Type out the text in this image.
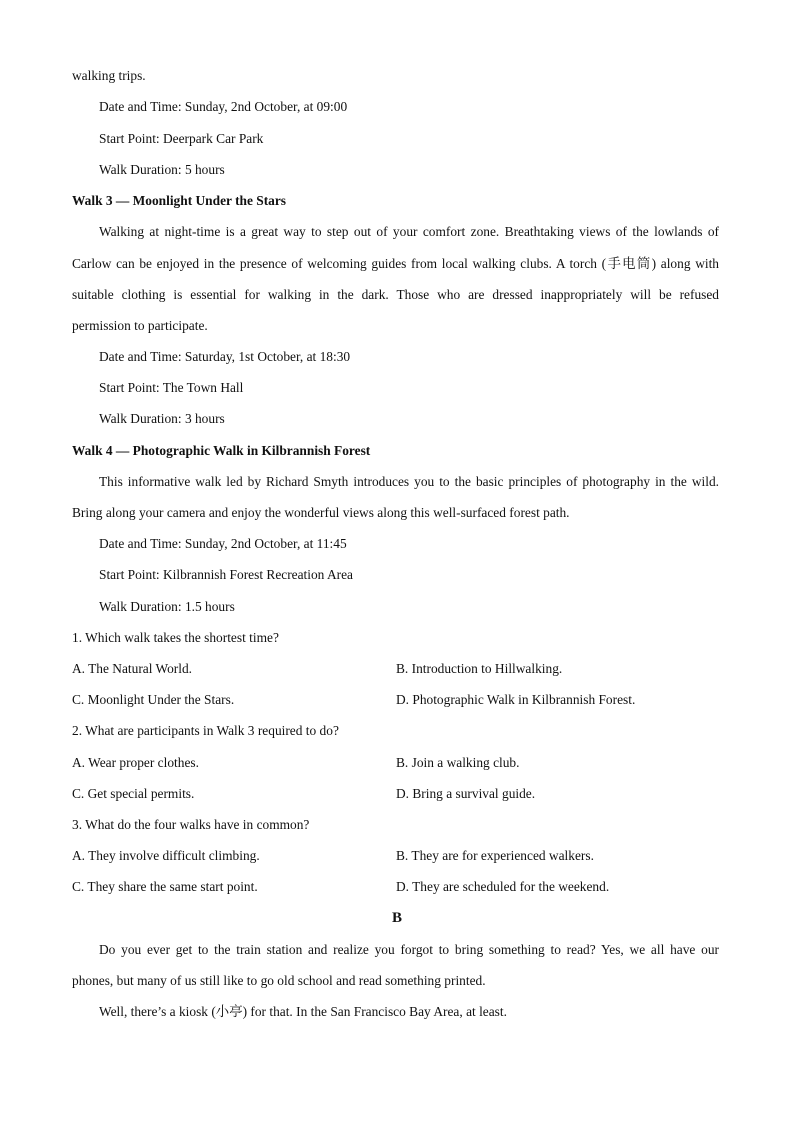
walking trips.
Date and Time: Sunday, 2nd October, at 09:00
Start Point: Deerpark Car Park
Walk Duration: 5 hours
Walk 3 — Moonlight Under the Stars
Walking at night-time is a great way to step out of your comfort zone. Breathtaking views of the lowlands of
Carlow can be enjoyed in the presence of welcoming guides from local walking clubs. A torch (手电筒) along with
suitable clothing is essential for walking in the dark. Those who are dressed inappropriately will be refused
permission to participate.
Date and Time: Saturday, 1st October, at 18:30
Start Point: The Town Hall
Walk Duration: 3 hours
Walk 4 — Photographic Walk in Kilbrannish Forest
This informative walk led by Richard Smyth introduces you to the basic principles of photography in the wild.
Bring along your camera and enjoy the wonderful views along this well-surfaced forest path.
Date and Time: Sunday, 2nd October, at 11:45
Start Point: Kilbrannish Forest Recreation Area
Walk Duration: 1.5 hours
1. Which walk takes the shortest time?
A. The Natural World.	B. Introduction to Hillwalking.
C. Moonlight Under the Stars.	D. Photographic Walk in Kilbrannish Forest.
2. What are participants in Walk 3 required to do?
A. Wear proper clothes.	B. Join a walking club.
C. Get special permits.	D. Bring a survival guide.
3. What do the four walks have in common?
A. They involve difficult climbing.	B. They are for experienced walkers.
C. They share the same start point.	D. They are scheduled for the weekend.
B
Do you ever get to the train station and realize you forgot to bring something to read? Yes, we all have our
phones, but many of us still like to go old school and read something printed.
Well, there’s a kiosk (小亭) for that. In the San Francisco Bay Area, at least.
